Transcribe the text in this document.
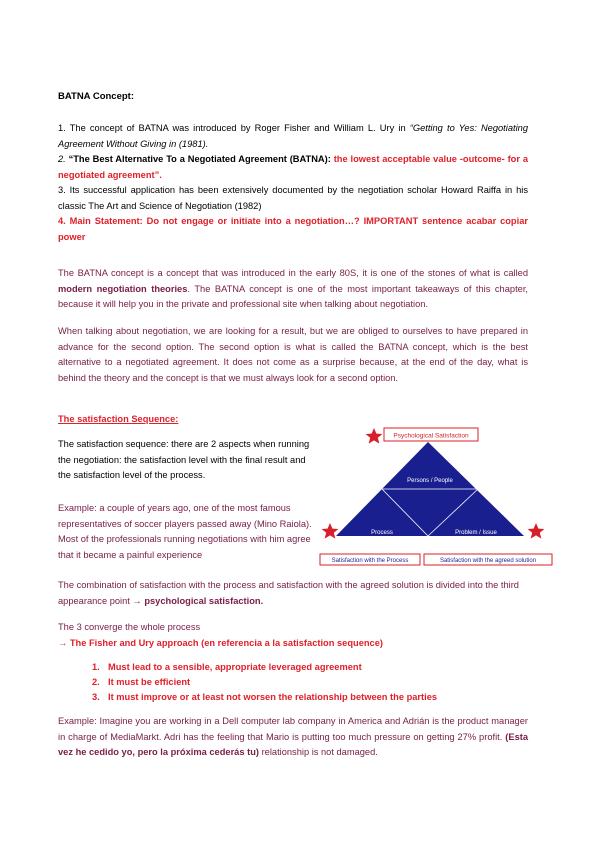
BATNA Concept:

1. The concept of BATNA was introduced by Roger Fisher and William L. Ury in “Getting to Yes: Negotiating Agreement Without Giving in (1981).

2. “The Best Alternative To a Negotiated Agreement (BATNA): the lowest acceptable value -outcome- for a negotiated agreement”.

3. Its successful application has been extensively documented by the negotiation scholar Howard Raiffa in his classic The Art and Science of Negotiation (1982)

4. Main Statement: Do not engage or initiate into a negotiation…? IMPORTANT sentence acabar copiar power

The BATNA concept is a concept that was introduced in the early 80S, it is one of the stones of what is called modern negotiation theories. The BATNA concept is one of the most important takeaways of this chapter, because it will help you in the private and professional site when talking about negotiation.
When talking about negotiation, we are looking for a result, but we are obliged to ourselves to have prepared in advance for the second option. The second option is what is called the BATNA concept, which is the best alternative to a negotiated agreement. It does not come as a surprise because, at the end of the day, what is behind the theory and the concept is that we must always look for a second option.
The satisfaction Sequence:
The satisfaction sequence: there are 2 aspects when running the negotiation: the satisfaction level with the final result and the satisfaction level of the process.
Example: a couple of years ago, one of the most famous representatives of soccer players passed away (Mino Raiola). Most of the professionals running negotiations with him agree that it became a painful experience
Psychological Satisfaction
Persons / People
Process	Problem / Issue
Satisfaction with the Process	Satisfaction with the agreed solution
The combination of satisfaction with the process and satisfaction with the agreed solution is divided into the third appearance point → psychological satisfaction.
The 3 converge the whole process
→ The Fisher and Ury approach (en referencia a la satisfaction sequence)
1. Must lead to a sensible, appropriate leveraged agreement
2. It must be efficient
3. It must improve or at least not worsen the relationship between the parties
Example: Imagine you are working in a Dell computer lab company in America and Adrián is the product manager in charge of MediaMarkt. Adri has the feeling that Mario is putting too much pressure on getting 27% profit. (Esta vez he cedido yo, pero la próxima cederás tu) relationship is not damaged.
